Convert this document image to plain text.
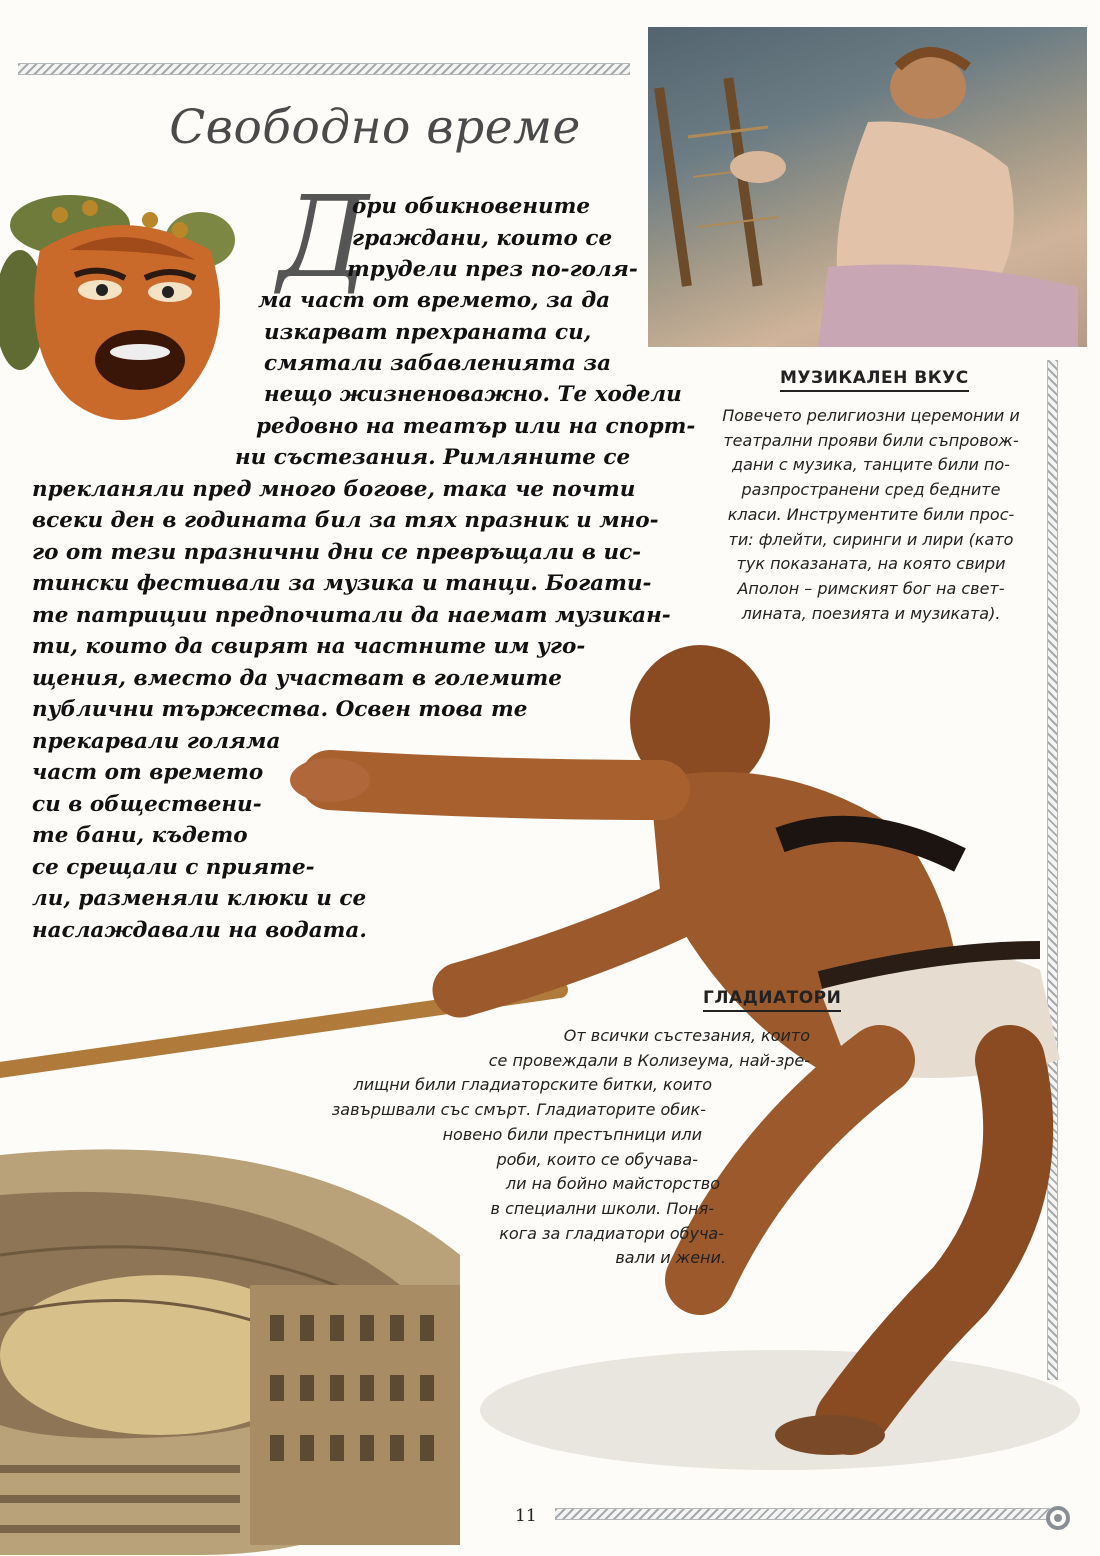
Свободно време
Д
ори обикновените
граждани, които се
трудели през по-голя-
ма част от времето, за да
изкарват прехраната си,
смятали забавленията за
нещо жизненоважно. Те ходели
редовно на театър или на спорт-
ни състезания. Римляните се
прекланяли пред много богове, така че почти
всеки ден в годината бил за тях празник и мно-
го от тези празнични дни се превръщали в ис-
тински фестивали за музика и танци. Богати-
те патриции предпочитали да наемат музикан-
ти, които да свирят на частните им уго-
щения, вместо да участват в големите
публични тържества. Освен това те
прекарвали голяма
част от времето
си в обществени-
те бани, където
се срещали с прияте-
ли, разменяли клюки и се
наслаждавали на водата.
МУЗИКАЛЕН ВКУС
Повечето религиозни церемонии и
театрални прояви били съпровож-
дани с музика, танците били по-
разпространени сред бедните
класи. Инструментите били прос-
ти: флейти, сиринги и лири (като
тук показаната, на която свири
Аполон – римският бог на свет-
лината, поезията и музиката).
ГЛАДИАТОРИ
От всички състезания, които
се провеждали в Колизеума, най-зре-
лищни били гладиаторските битки, които
завършвали със смърт. Гладиаторите обик-
новено били престъпници или
роби, които се обучава-
ли на бойно майсторство
в специални школи. Поня-
кога за гладиатори обуча-
вали и жени.
11
